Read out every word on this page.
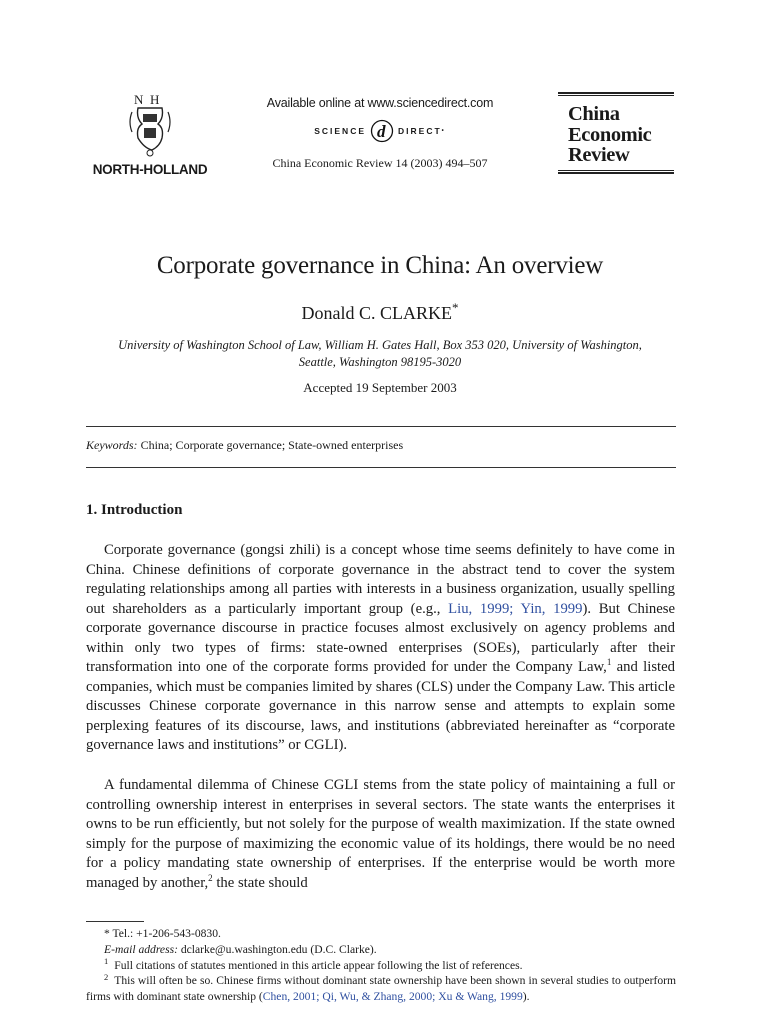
N H
NORTH-HOLLAND
Available online at www.sciencedirect.com
SCIENCE d DIRECT •
China Economic Review 14 (2003) 494–507
China
Economic
Review
Corporate governance in China: An overview
Donald C. CLARKE*
University of Washington School of Law, William H. Gates Hall, Box 353 020, University of Washington,
Seattle, Washington 98195-3020
Accepted 19 September 2003
Keywords: China; Corporate governance; State-owned enterprises
1. Introduction
Corporate governance (gongsi zhili) is a concept whose time seems definitely to have come in China. Chinese definitions of corporate governance in the abstract tend to cover the system regulating relationships among all parties with interests in a business organization, usually spelling out shareholders as a particularly important group (e.g., Liu, 1999; Yin, 1999). But Chinese corporate governance discourse in practice focuses almost exclusively on agency problems and within only two types of firms: state-owned enterprises (SOEs), particularly after their transformation into one of the corporate forms provided for under the Company Law,$^1$ and listed companies, which must be companies limited by shares (CLS) under the Company Law. This article discusses Chinese corporate governance in this narrow sense and attempts to explain some perplexing features of its discourse, laws, and institutions (abbreviated hereinafter as “corporate governance laws and institutions” or CGLI).
A fundamental dilemma of Chinese CGLI stems from the state policy of maintaining a full or controlling ownership interest in enterprises in several sectors. The state wants the enterprises it owns to be run efficiently, but not solely for the purpose of wealth maximization. If the state owned simply for the purpose of maximizing the economic value of its holdings, there would be no need for a policy mandating state ownership of enterprises. If the enterprise would be worth more managed by another,$^2$ the state should
* Tel.: +1-206-543-0830.
E-mail address: dclarke@u.washington.edu (D.C. Clarke).
$^1$ Full citations of statutes mentioned in this article appear following the list of references.
$^2$ This will often be so. Chinese firms without dominant state ownership have been shown in several studies to outperform firms with dominant state ownership (Chen, 2001; Qi, Wu, & Zhang, 2000; Xu & Wang, 1999).
